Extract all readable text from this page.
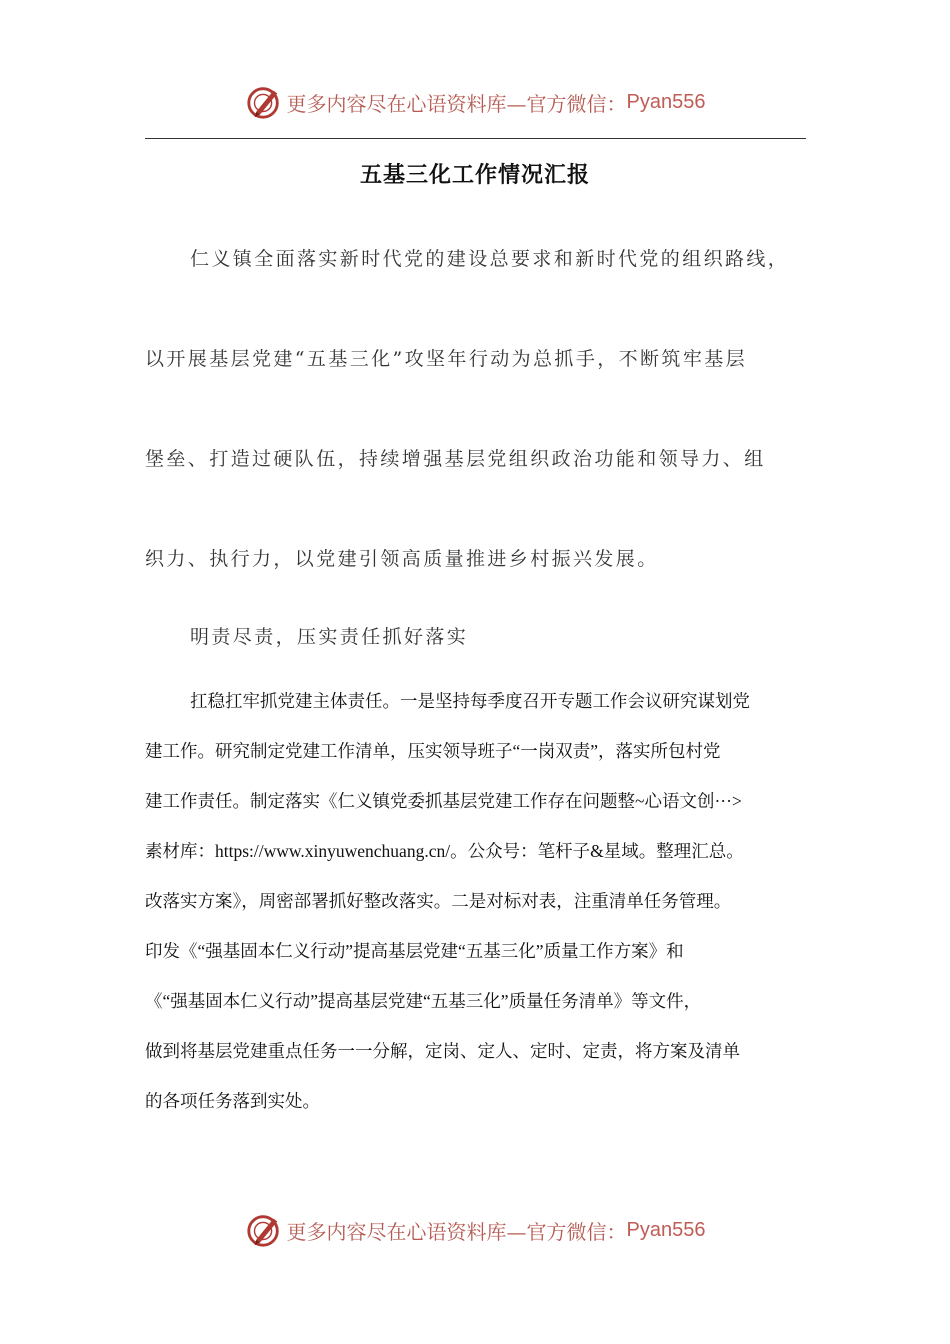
更多内容尽在心语资料库—官方微信： Pyan556
五基三化工作情况汇报
仁义镇全面落实新时代党的建设总要求和新时代党的组织路线，
以开展基层党建“五基三化”攻坚年行动为总抓手，不断筑牢基层
堡垒、打造过硬队伍，持续增强基层党组织政治功能和领导力、组
织力、执行力，以党建引领高质量推进乡村振兴发展。
明责尽责，压实责任抓好落实
扛稳扛牢抓党建主体责任。一是坚持每季度召开专题工作会议研究谋划党
建工作。研究制定党建工作清单，压实领导班子“一岗双责”，落实所包村党
建工作责任。制定落实《仁义镇党委抓基层党建工作存在问题整~心语文创···>
素材库：https://www.xinyuwenchuang.cn/。公众号：笔杆子&星域。整理汇总。
改落实方案》，周密部署抓好整改落实。二是对标对表，注重清单任务管理。
印发《“强基固本仁义行动”提高基层党建“五基三化”质量工作方案》和
《“强基固本仁义行动”提高基层党建“五基三化”质量任务清单》等文件，
做到将基层党建重点任务一一分解，定岗、定人、定时、定责，将方案及清单
的各项任务落到实处。
更多内容尽在心语资料库—官方微信： Pyan556
